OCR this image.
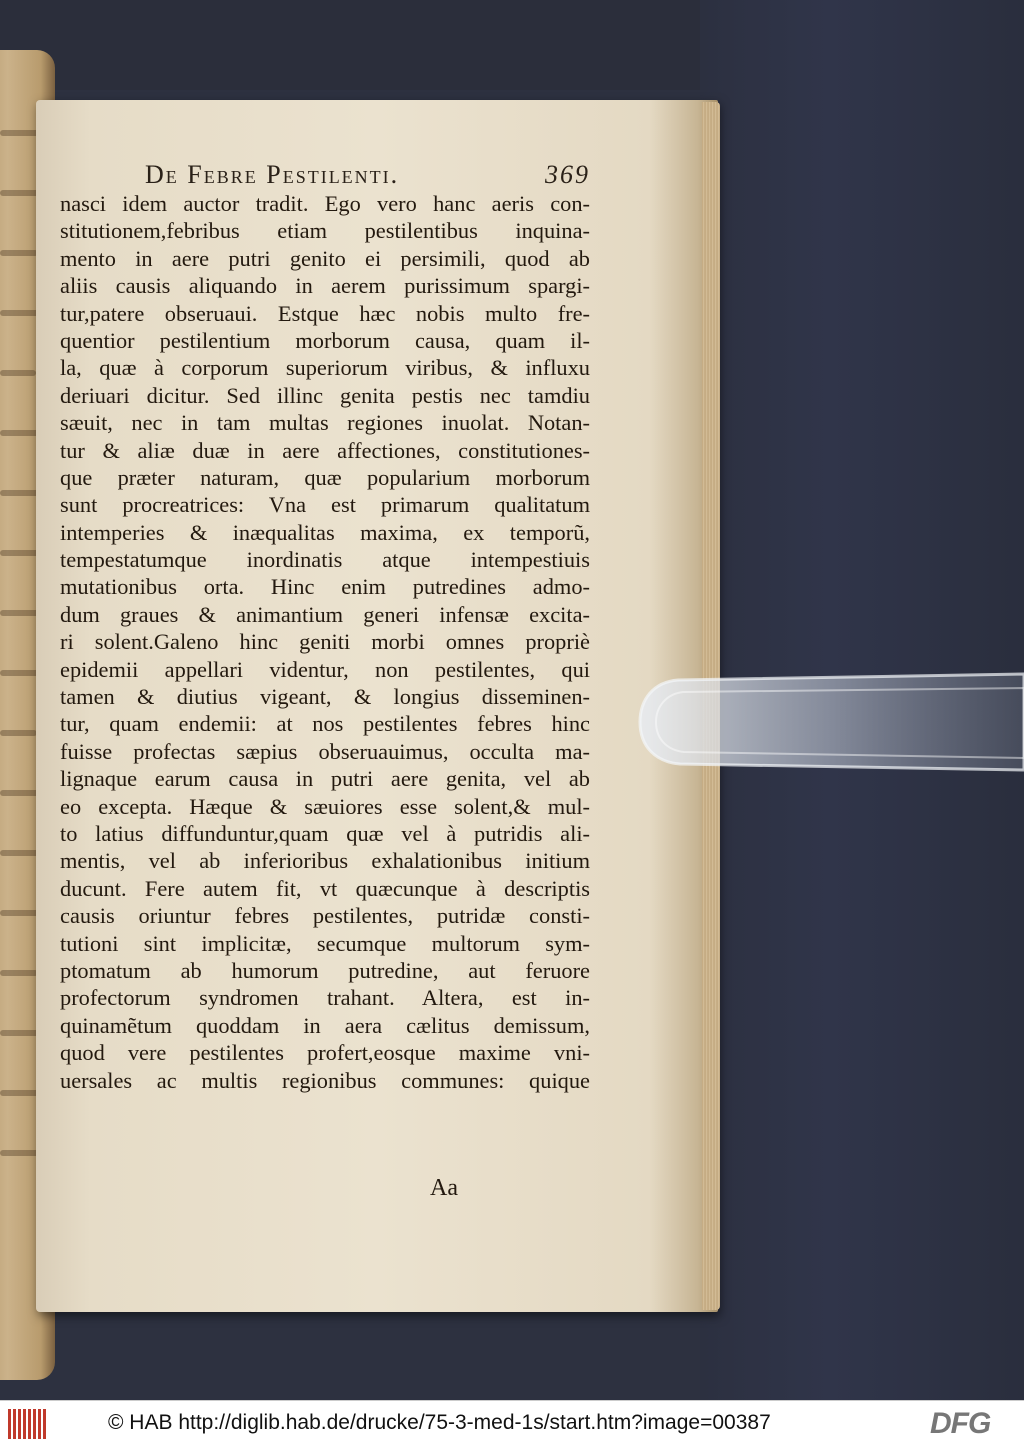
De Febre Pestilenti.	369
nasci idem auctor tradit. Ego vero hanc aeris con-
stitutionem,febribus etiam pestilentibus inquina-
mento in aere putri genito ei persimili, quod ab
aliis causis aliquando in aerem purissimum spargi-
tur,patere obseruaui. Estque hæc nobis multo fre-
quentior pestilentium morborum causa, quam il-
la, quæ à corporum superiorum viribus, & influxu
deriuari dicitur. Sed illinc genita pestis nec tamdiu
sæuit, nec in tam multas regiones inuolat. Notan-
tur & aliæ duæ in aere affectiones, constitutiones-
que præter naturam, quæ popularium morborum
sunt procreatrices: Vna est primarum qualitatum
intemperies & inæqualitas maxima, ex temporũ,
tempestatumque inordinatis atque intempestiuis
mutationibus orta. Hinc enim putredines admo-
dum graues & animantium generi infensæ excita-
ri solent.Galeno hinc geniti morbi omnes propriè
epidemii appellari videntur, non pestilentes, qui
tamen & diutius vigeant, & longius disseminen-
tur, quam endemii: at nos pestilentes febres hinc
fuisse profectas sæpius obseruauimus, occulta ma-
lignaque earum causa in putri aere genita, vel ab
eo excepta. Hæque & sæuiores esse solent,& mul-
to latius diffunduntur,quam quæ vel à putridis ali-
mentis, vel ab inferioribus exhalationibus initium
ducunt. Fere autem fit, vt quæcunque à descriptis
causis oriuntur febres pestilentes, putridæ consti-
tutioni sint implicitæ, secumque multorum sym-
ptomatum ab humorum putredine, aut feruore
profectorum syndromen trahant. Altera, est in-
quinamẽtum quoddam in aera cælitus demissum,
quod vere pestilentes profert,eosque maxime vni-
uersales ac multis regionibus communes: quique
Aa
© HAB http://diglib.hab.de/drucke/75-3-med-1s/start.htm?image=00387	DFG
